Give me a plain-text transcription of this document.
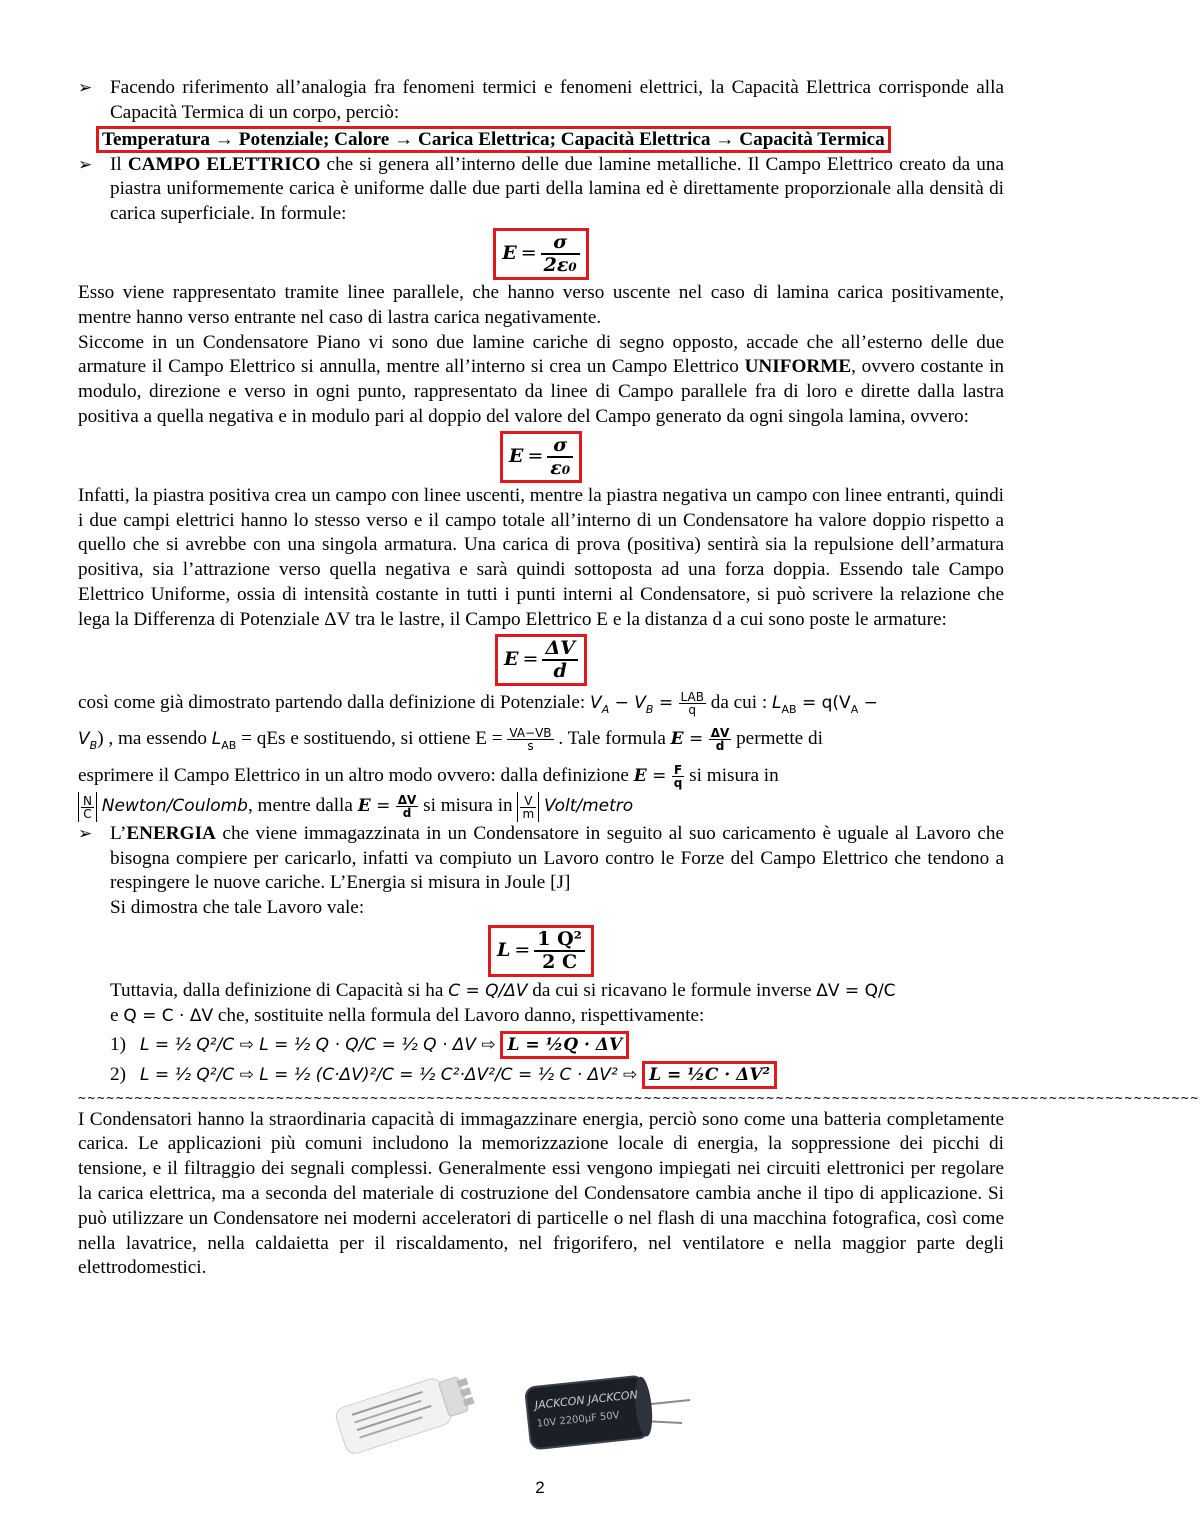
➢ Facendo riferimento all’analogia fra fenomeni termici e fenomeni elettrici, la Capacità Elettrica corrisponde alla Capacità Termica di un corpo, perciò:

Temperatura → Potenziale; Calore → Carica Elettrica; Capacità Elettrica → Capacità Termica

➢ Il CAMPO ELETTRICO che si genera all’interno delle due lamine metalliche. Il Campo Elettrico creato da una piastra uniformemente carica è uniforme dalle due parti della lamina ed è direttamente proporzionale alla densità di carica superficiale. In formule:

$E = \frac{\sigma}{\text{2ε₀}}$

Esso viene rappresentato tramite linee parallele, che hanno verso uscente nel caso di lamina carica positivamente, mentre hanno verso entrante nel caso di lastra carica negativamente.

Siccome in un Condensatore Piano vi sono due lamine cariche di segno opposto, accade che all’esterno delle due armature il Campo Elettrico si annulla, mentre all’interno si crea un Campo Elettrico UNIFORME, ovvero costante in modulo, direzione e verso in ogni punto, rappresentato da linee di Campo parallele fra di loro e dirette dalla lastra positiva a quella negativa e in modulo pari al doppio del valore del Campo generato da ogni singola lamina, ovvero:

$E = \frac{\sigma}{\text{ε₀}}$

Infatti, la piastra positiva crea un campo con linee uscenti, mentre la piastra negativa un campo con linee entranti, quindi i due campi elettrici hanno lo stesso verso e il campo totale all’interno di un Condensatore ha valore doppio rispetto a quello che si avrebbe con una singola armatura. Una carica di prova (positiva) sentirà sia la repulsione dell’armatura positiva, sia l’attrazione verso quella negativa e sarà quindi sottoposta ad una forza doppia. Essendo tale Campo Elettrico Uniforme, ossia di intensità costante in tutti i punti interni al Condensatore, si può scrivere la relazione che lega la Differenza di Potenziale ΔV tra le lastre, il Campo Elettrico E e la distanza d a cui sono poste le armature:

$E = \frac{\Delta V}{d}$

così come già dimostrato partendo dalla definizione di Potenziale: $V_A - V_B$ = LAB
q da cui : $L_{AB} = q(V_A$ −
$V_B$) , ma essendo $L_{AB}$ = qEs e sostituendo, si ottiene $E = \frac{VA-VB}{s}$ . Tale formula $E = \frac{\Delta V}{d}$ permette di
esprimere il Campo Elettrico in un altro modo ovvero: dalla definizione $E = \frac{F}{q}$ si misura in

$\frac{N}{C}$ Newton/Coulomb, mentre dalla $E = \frac{\Delta V}{d}$ si misura in $\frac{V}{m}$ Volt/metro

➢ L’ENERGIA che viene immagazzinata in un Condensatore in seguito al suo caricamento è uguale al Lavoro che bisogna compiere per caricarlo, infatti va compiuto un Lavoro contro le Forze del Campo Elettrico che tendono a respingere le nuove cariche. L’Energia si misura in Joule [J]

Si dimostra che tale Lavoro vale:

$L = \frac{\text{1 Q²}}{2 C}$

Tuttavia, dalla definizione di Capacità si ha C = Q/ΔV da cui si ricavano le formule inverse ΔV = Q/C
e Q = C · ΔV che, sostituite nella formula del Lavoro danno, rispettivamente:

1) L = ½ Q²/C ⇨ L = ½ Q · Q/C = ½ Q · ΔV ⇨ L = ½Q · ΔV
2) L = ½ Q²/C ⇨ L = ½ (C·ΔV)²/C = ½ C²·ΔV²/C = ½ C · ΔV² ⇨ L = ½C · ΔV²
~~~~~~~~~~~~~~~~~~~~~~~~~~~~~~~~~~~~~~~~~~~~~~~~~~~~~~~~~~~~~~~~~~~~~~~~~~~~~~~~~~~~~~~~~~~~~~~~~~~~~~~~~~~~~~~~~~~~~~~

I Condensatori hanno la straordinaria capacità di immagazzinare energia, perciò sono come una batteria completamente carica. Le applicazioni più comuni includono la memorizzazione locale di energia, la soppressione dei picchi di tensione, e il filtraggio dei segnali complessi. Generalmente essi vengono impiegati nei circuiti elettronici per regolare la carica elettrica, ma a seconda del materiale di costruzione del Condensatore cambia anche il tipo di applicazione. Si può utilizzare un Condensatore nei moderni acceleratori di particelle o nel flash di una macchina fotografica, così come nella lavatrice, nella caldaietta per il riscaldamento, nel frigorifero, nel ventilatore e nella maggior parte degli elettrodomestici.

JACKCON JACKCON
10V 2200μF 50V
2
